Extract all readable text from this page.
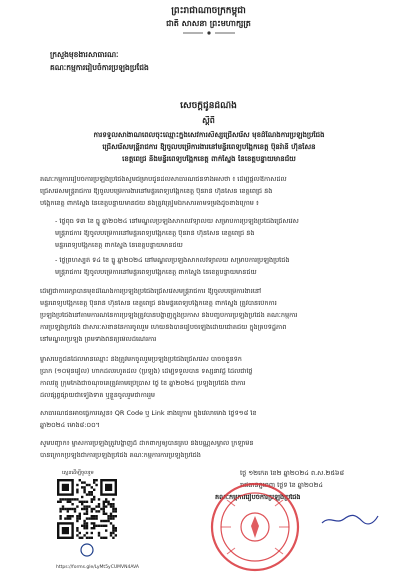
ព្រះរាជាណាចក្រកម្ពុជា
ជាតិ សាសនា ព្រះមហាក្សត្រ
ក្រសួងមុខងារសាធារណៈ
គណៈកម្មការរៀបចំការប្រឡងប្រជែង
សេចក្ដីជូនដំណឹង
ស្ដីពី
ការទទួលសាងាណពេលចុះឈ្មោះក្នុងសេវការសិស្សជ្រើសរើស មុខដំណែងការប្រឡងប្រជែង
ជ្រើសរើសមន្ត្រីរាជការ ឱ្យចូលបម្រើការងារនៅមន្ទីរពេទ្យបង្អែកខេត្ត ប៊ុនរ៉ានី ហ៊ុនសែន
ខេត្តពេជ្រ និងមន្ទីរពេទ្យបង្អែកខេត្ត ពាក់ស្នែង នៃខេត្តបន្ទាយមានជ័យ
គណៈកម្មការរៀបចំការប្រឡងប្រជែងសូមជម្រាបជូនដល់សាធារណជនទាំងអស់ថា ៖ ដើម្បីផ្ដល់ឱកាសដល់
ជ្រើសរើសមន្ត្រីរាជការ ឱ្យចូលបម្រើការងារនៅមន្ទីរពេទ្យបង្អែកខេត្ត ប៊ុនរ៉ានី ហ៊ុនសែន ខេត្តពេជ្រ និង
បង្អែកខេត្ត ពាក់ស្នែង នៃខេត្តបន្ទាយមានជ័យ និងត្រូវត្រៀមឯកសារតាមទម្រង់ដូចខាងក្រោម ៖
- ថ្ងៃពុធ ទី៣ ខែ ធ្នូ ឆ្នាំ២០២៤ នៅមណ្ឌលប្រឡងសាកលវិទ្យាល័យ សម្រាប់ការប្រឡងប្រជែងជ្រើសរើស
មន្ត្រីរាជការ ឱ្យចូលបម្រើការនៅមន្ទីរពេទ្យបង្អែកខេត្ត ប៊ុនរ៉ានី ហ៊ុនសែន ខេត្តពេជ្រ និង
មន្ទីរពេទ្យបង្អែកខេត្ត ពាក់ស្នែង នៃខេត្តបន្ទាយមានជ័យ
- ថ្ងៃព្រហស្បតិ៍ ទី៤ ខែ ធ្នូ ឆ្នាំ២០២៤ នៅមណ្ឌលប្រឡងសាកលវិទ្យាល័យ សម្រាប់ការប្រឡងប្រជែង
មន្ត្រីរាជការ ឱ្យចូលបម្រើការនៅមន្ទីរពេទ្យបង្អែកខេត្ត ពាក់ស្នែង នៃខេត្តបន្ទាយមានជ័យ
ដើម្បីជាការរក្សាបានមុខដំណែងការប្រឡងប្រជែងជ្រើសរើសមន្ត្រីរាជការ ឱ្យចូលបម្រើការងារនៅ
មន្ទីរពេទ្យបង្អែកខេត្ត ប៊ុនរ៉ានី ហ៊ុនសែន ខេត្តពេជ្រ និងមន្ទីរពេទ្យបង្អែកខេត្ត ពាក់ស្នែង ត្រូវបានបើកការ
ប្រឡងប្រជែងនៅតាមការណ៍នៃការប្រឡងត្រូវបានបង្ហាញក្នុងប្រកាស និងបញ្ចប់ការប្រឡងប្រជែង គណៈកម្មការ
ការប្រឡងប្រជែង ជាសារៈសំខាន់នៃការចូលរួម ហើយនឹងបានរៀបចំឡើងដោយជោគជ័យ ក្នុងគ្រប់ទិដ្ឋភាព
នៅមណ្ឌលប្រឡង ព្រមទាំងពិនិត្យមើលដំណើរការ
ម្ចាស់បេក្ខជនដែលមានឈ្មោះ និងត្រូវមកចូលរួមប្រឡងប្រជែងជ្រើសរើស បាច់ចំនួនទឹក
ប្រាក់ (១០ម៉ឺនរៀល) ហាក់ដល់រហូតដល់ (ប្រឡង) ដើម្បីទទួលបាន ទស្សនាវដ្ដី ដែលជាថ្ងៃ
កាលវត្ថុ ក្រុមកែងជាចំណុចគេត្រូវតាមប្រើប្រាស់ ថ្ងៃ ខែ ឆ្នាំ២០២៤ ប្រឡងប្រជែង ជាការ
ដល់ផ្សព្វផ្សាយជាទៀងទាត់ ឬខ្លួនចូលរួមជាការរួម
សាធារណជនអាចធ្វើការស្កេន៖ QR Code ឬ Link ខាងក្រោម ក្នុងវេលាម៉ោង ថ្ងៃទី១៨ ខែ
ឆ្នាំ២០២៤ ម៉ោង៨:០០។
សូមបញ្ជាក់៖ ម្ចាស់ការប្រឡងត្រូវបង្ហាញដ៏ ដាក់ពាក្យឲ្យបានគ្រប់ និងបណ្ណសម្គាល់ ក្រឡាមិន
បានក្រោកប្រឡងជាការប្រឡងប្រជែង គណៈកម្មការការប្រឡងប្រជែង
ថ្ងៃ ១២កើត ខែ២ ឆ្នាំ២០២៤ ព.ស.២៥៦៨
រាជធានីភ្នំពេញ ថ្ងៃទី ខែ ឆ្នាំ២០២៤
គណៈកម្មការរៀបចំការប្រឡងប្រជែង
ស្កេនដើម្បីចូលរួម
https://forms.gle/LyMt5yCUMVN4AVA
